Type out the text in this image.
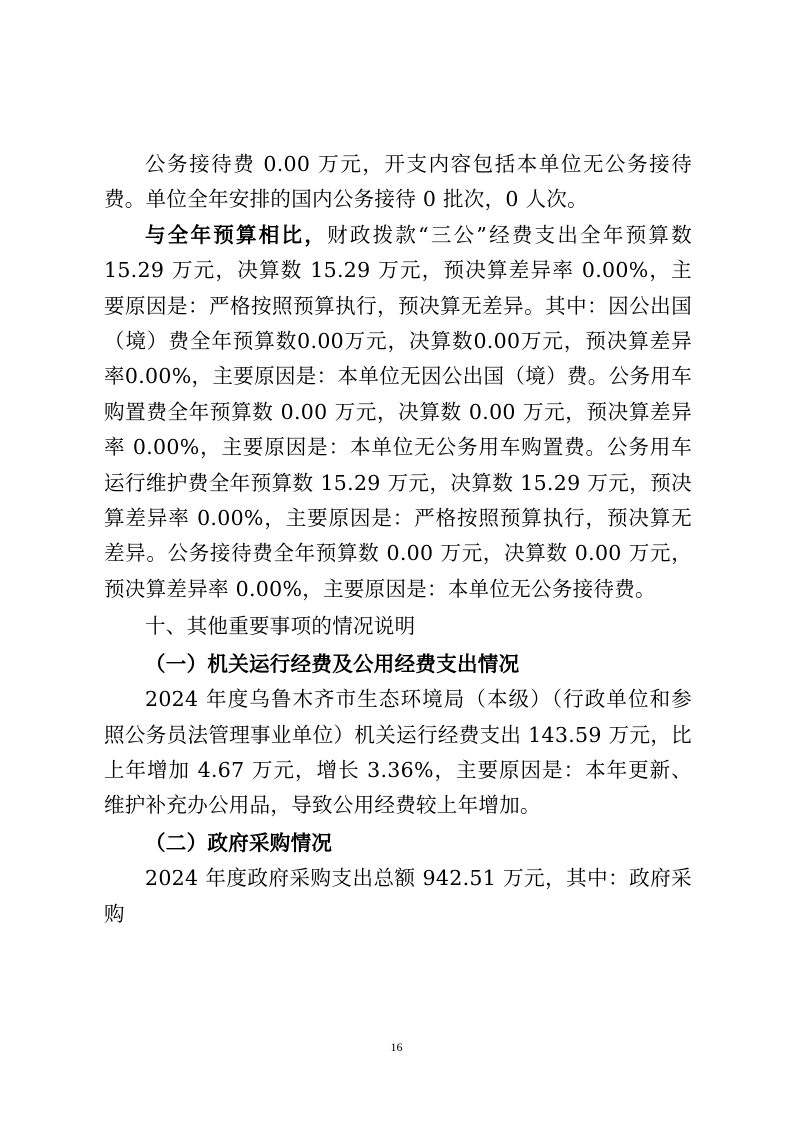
公务接待费 0.00 万元，开支内容包括本单位无公务接待费。单位全年安排的国内公务接待 0 批次，0 人次。

与全年预算相比，财政拨款“三公”经费支出全年预算数 15.29 万元，决算数 15.29 万元，预决算差异率 0.00%，主要原因是：严格按照预算执行，预决算无差异。其中：因公出国（境）费全年预算数0.00万元，决算数0.00万元，预决算差异率0.00%，主要原因是：本单位无因公出国（境）费。公务用车购置费全年预算数 0.00 万元，决算数 0.00 万元，预决算差异率 0.00%，主要原因是：本单位无公务用车购置费。公务用车运行维护费全年预算数 15.29 万元，决算数 15.29 万元，预决算差异率 0.00%，主要原因是：严格按照预算执行，预决算无差异。公务接待费全年预算数 0.00 万元，决算数 0.00 万元，预决算差异率 0.00%，主要原因是：本单位无公务接待费。

十、其他重要事项的情况说明

（一）机关运行经费及公用经费支出情况

2024 年度乌鲁木齐市生态环境局（本级）（行政单位和参照公务员法管理事业单位）机关运行经费支出 143.59 万元，比上年增加 4.67 万元，增长 3.36%，主要原因是：本年更新、维护补充办公用品，导致公用经费较上年增加。

（二）政府采购情况

2024 年度政府采购支出总额 942.51 万元，其中：政府采购

16
